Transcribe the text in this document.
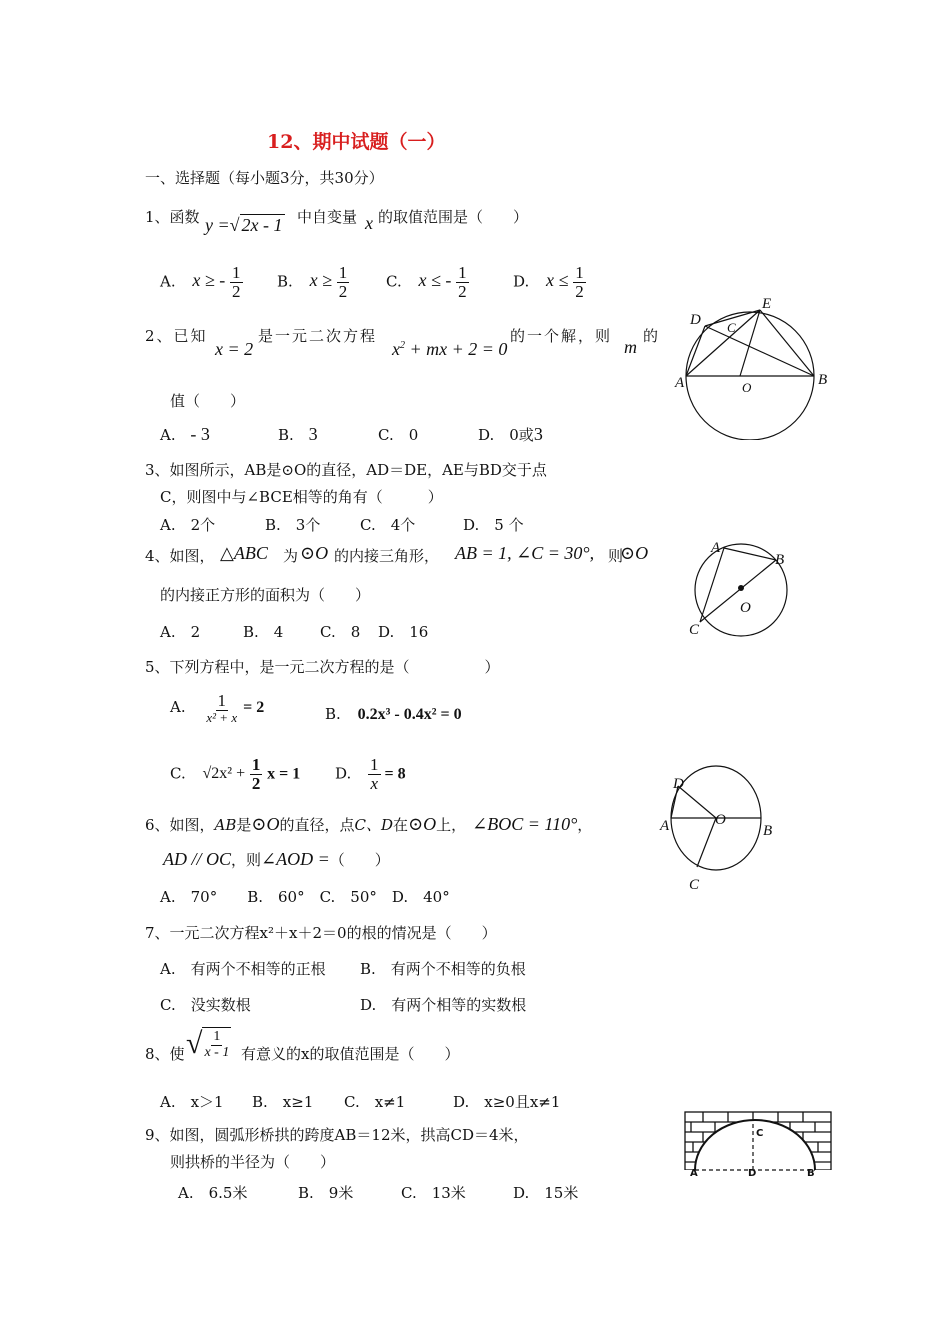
12、期中试题（一）
一、选择题（每小题3分，共30分）
1、函数 y =√ 2x - 1 中自变量 x 的取值范围是（　　）
A. x ≥ - $\frac{1}{2} B$. $x \ge \frac{1}{2} C$. x ≤ - $\frac{1}{2}$	D. $x \le \frac{1}{2}$
2、已知
x = 2
是一元二次方程
$x^2$ + mx + 2 = 0
的一个解，则
m
的
值（　　）
A. - 3	B. 3	C.　0	D.　0或3
D
E
C
A	O	B
3、如图所示，AB是⊙O的直径，AD＝DE，AE与BD交于点
C，则图中与∠BCE相等的角有（　　　）
A.　2个	B.　3个	C.　4个	D.　5 个
4、如图， △ABC 为 ⊙O 的内接三角形， AB = 1, ∠C = 30°, 则
⊙O
的内接正方形的面积为（　　）
A.　2	B.　4 C.　8 D.　16
A
B
O
C
5、下列方程中，是一元二次方程的是（　　　　　）
A. $\frac{1}{\text{x² + x}} = 2$	B. 0.2x³ - 0.4x² = 0
C. $√2x^2 + \frac{1}{2}$ x = 1 D. $\frac{1}{x} = 8$
D
A	O
B
C
6、如图，AB是⊙O的直径，点C、D在⊙O上， ∠BOC = 110°，
AD // OC，则∠AOD =（　　）
A.　70°　　B.　60°　C.　50°　D.　40°
7、一元二次方程x²＋x＋2＝0的根的情况是（　　）
A.　有两个不相等的正根 B.　有两个不相等的负根
C.　没实数根	D.　有两个相等的实数根
8、使 √ $\frac{1}{x - 1}$ 有意义的x的取值范围是（　　）
A.　x＞1 B.　x≥1 C.　x≠1	D.　x≥0且x≠1
9、如图，圆弧形桥拱的跨度AB＝12米，拱高CD＝4米，
则拱桥的半径为（　　）
A.　6.5米	B.　9米	C.　13米	D.　15米
C
A	D	B
